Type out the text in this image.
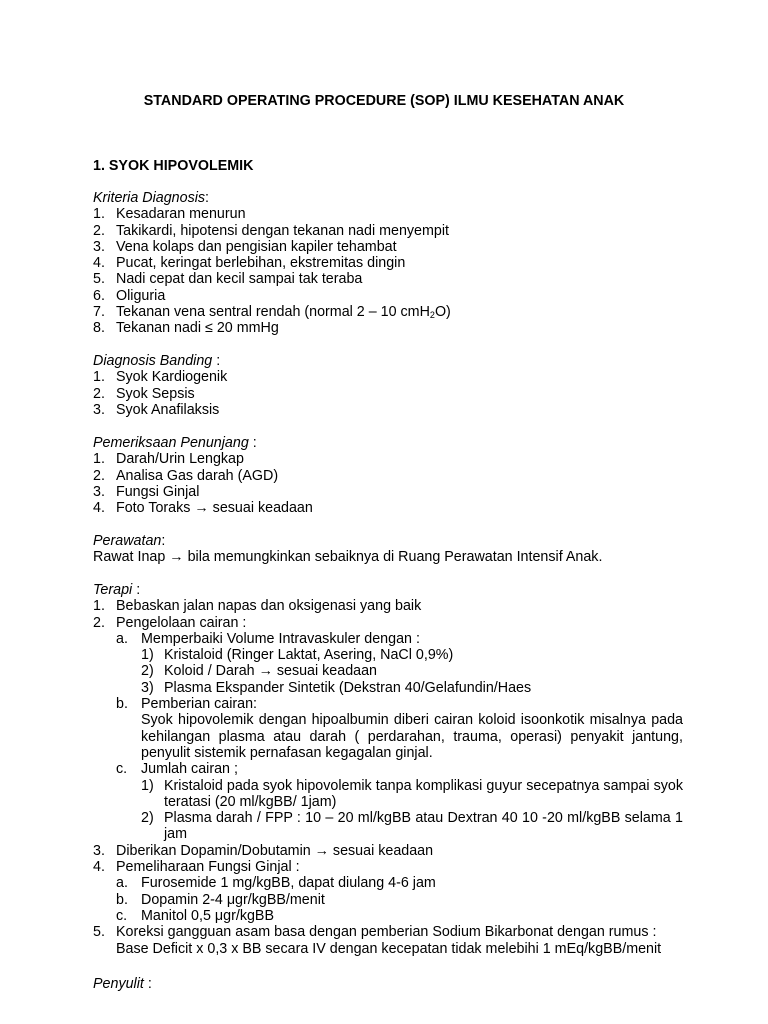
STANDARD OPERATING PROCEDURE (SOP) ILMU KESEHATAN ANAK
1. SYOK HIPOVOLEMIK
Kriteria Diagnosis:
1. Kesadaran menurun
2. Takikardi, hipotensi dengan tekanan nadi menyempit
3. Vena kolaps dan pengisian kapiler tehambat
4. Pucat, keringat berlebihan, ekstremitas dingin
5. Nadi cepat dan kecil sampai tak teraba
6. Oliguria
7. Tekanan vena sentral rendah (normal 2 – 10 cmH$_2$O)
8. Tekanan nadi ≤ 20 mmHg
Diagnosis Banding :
1. Syok Kardiogenik
2. Syok Sepsis
3. Syok Anafilaksis
Pemeriksaan Penunjang :
1. Darah/Urin Lengkap
2. Analisa Gas darah (AGD)
3. Fungsi Ginjal
4. Foto Toraks → sesuai keadaan
Perawatan:
Rawat Inap → bila memungkinkan sebaiknya di Ruang Perawatan Intensif Anak.
Terapi :
1. Bebaskan jalan napas dan oksigenasi yang baik
2. Pengelolaan cairan :
a. Memperbaiki Volume Intravaskuler dengan :
1) Kristaloid (Ringer Laktat, Asering, NaCl 0,9%)
2) Koloid / Darah → sesuai keadaan
3) Plasma Ekspander Sintetik (Dekstran 40/Gelafundin/Haes
b. Pemberian cairan:
Syok hipovolemik dengan hipoalbumin diberi cairan koloid isoonkotik misalnya pada kehilangan plasma atau darah ( perdarahan, trauma, operasi) penyakit jantung, penyulit sistemik pernafasan kegagalan ginjal.
c. Jumlah cairan ;
1) Kristaloid pada syok hipovolemik tanpa komplikasi guyur secepatnya sampai syok teratasi (20 ml/kgBB/ 1jam)
2) Plasma darah / FPP : 10 – 20 ml/kgBB atau Dextran 40 10 -20 ml/kgBB selama 1 jam
3. Diberikan Dopamin/Dobutamin → sesuai keadaan
4. Pemeliharaan Fungsi Ginjal :
a. Furosemide 1 mg/kgBB, dapat diulang 4-6 jam
b. Dopamin 2-4 μgr/kgBB/menit
c. Manitol 0,5 μgr/kgBB
5. Koreksi gangguan asam basa dengan pemberian Sodium Bikarbonat dengan rumus :
Base Deficit x 0,3 x BB secara IV dengan kecepatan tidak melebihi 1 mEq/kgBB/menit
Penyulit :
